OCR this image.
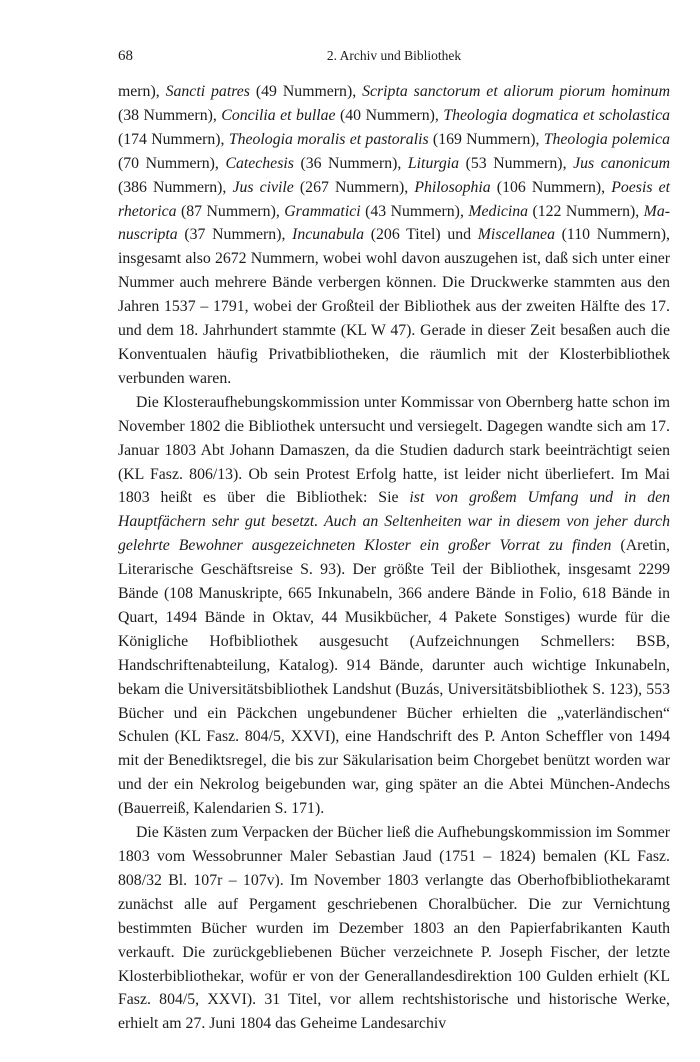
68	2. Archiv und Bibliothek

mern), Sancti patres (49 Nummern), Scripta sanctorum et aliorum piorum hominum (38 Nummern), Concilia et bullae (40 Nummern), Theologia dogmatica et scholastica (174 Nummern), Theologia moralis et pastoralis (169 Nummern), Theologia polemica (70 Nummern), Catechesis (36 Nummern), Liturgia (53 Nummern), Jus canonicum (386 Nummern), Jus civile (267 Nummern), Philosophia (106 Nummern), Poesis et rhetorica (87 Nummern), Grammatici (43 Nummern), Medicina (122 Nummern), Manuscripta (37 Nummern), Incunabula (206 Titel) und Miscellanea (110 Nummern), insgesamt also 2672 Nummern, wobei wohl davon auszugehen ist, daß sich unter einer Nummer auch mehrere Bände verbergen können. Die Druckwerke stammten aus den Jahren 1537 – 1791, wobei der Großteil der Bibliothek aus der zweiten Hälfte des 17. und dem 18. Jahrhundert stammte (KL W 47). Gerade in dieser Zeit besaßen auch die Konventualen häufig Privatbibliotheken, die räumlich mit der Klosterbibliothek verbunden waren.

Die Klosteraufhebungskommission unter Kommissar von Obernberg hatte schon im November 1802 die Bibliothek untersucht und versiegelt. Dagegen wandte sich am 17. Januar 1803 Abt Johann Damaszen, da die Studien dadurch stark beeinträchtigt seien (KL Fasz. 806/13). Ob sein Protest Erfolg hatte, ist leider nicht überliefert. Im Mai 1803 heißt es über die Bibliothek: Sie ist von großem Umfang und in den Hauptfächern sehr gut besetzt. Auch an Seltenheiten war in diesem von jeher durch gelehrte Bewohner ausgezeichneten Kloster ein großer Vorrat zu finden (Aretin, Literarische Geschäftsreise S. 93). Der größte Teil der Bibliothek, insgesamt 2299 Bände (108 Manuskripte, 665 Inkunabeln, 366 andere Bände in Folio, 618 Bände in Quart, 1494 Bände in Oktav, 44 Musikbücher, 4 Pakete Sonstiges) wurde für die Königliche Hofbibliothek ausgesucht (Aufzeichnungen Schmellers: BSB, Handschriftenabteilung, Katalog). 914 Bände, darunter auch wichtige Inkunabeln, bekam die Universitätsbibliothek Landshut (Buzás, Universitätsbibliothek S. 123), 553 Bücher und ein Päckchen ungebundener Bücher erhielten die „vaterländischen“ Schulen (KL Fasz. 804/5, XXVI), eine Handschrift des P. Anton Scheffler von 1494 mit der Benediktsregel, die bis zur Säkularisation beim Chorgebet benützt worden war und der ein Nekrolog beigebunden war, ging später an die Abtei München-Andechs (Bauerreiß, Kalendarien S. 171).

Die Kästen zum Verpacken der Bücher ließ die Aufhebungskommission im Sommer 1803 vom Wessobrunner Maler Sebastian Jaud (1751 – 1824) bemalen (KL Fasz. 808/32 Bl. 107r – 107v). Im November 1803 verlangte das Oberhofbibliothekaramt zunächst alle auf Pergament geschriebenen Choralbücher. Die zur Vernichtung bestimmten Bücher wurden im Dezember 1803 an den Papierfabrikanten Kauth verkauft. Die zurückgebliebenen Bücher verzeichnete P. Joseph Fischer, der letzte Klosterbibliothekar, wofür er von der Generallandesdirektion 100 Gulden erhielt (KL Fasz. 804/5, XXVI). 31 Titel, vor allem rechtshistorische und historische Werke, erhielt am 27. Juni 1804 das Geheime Landesarchiv
